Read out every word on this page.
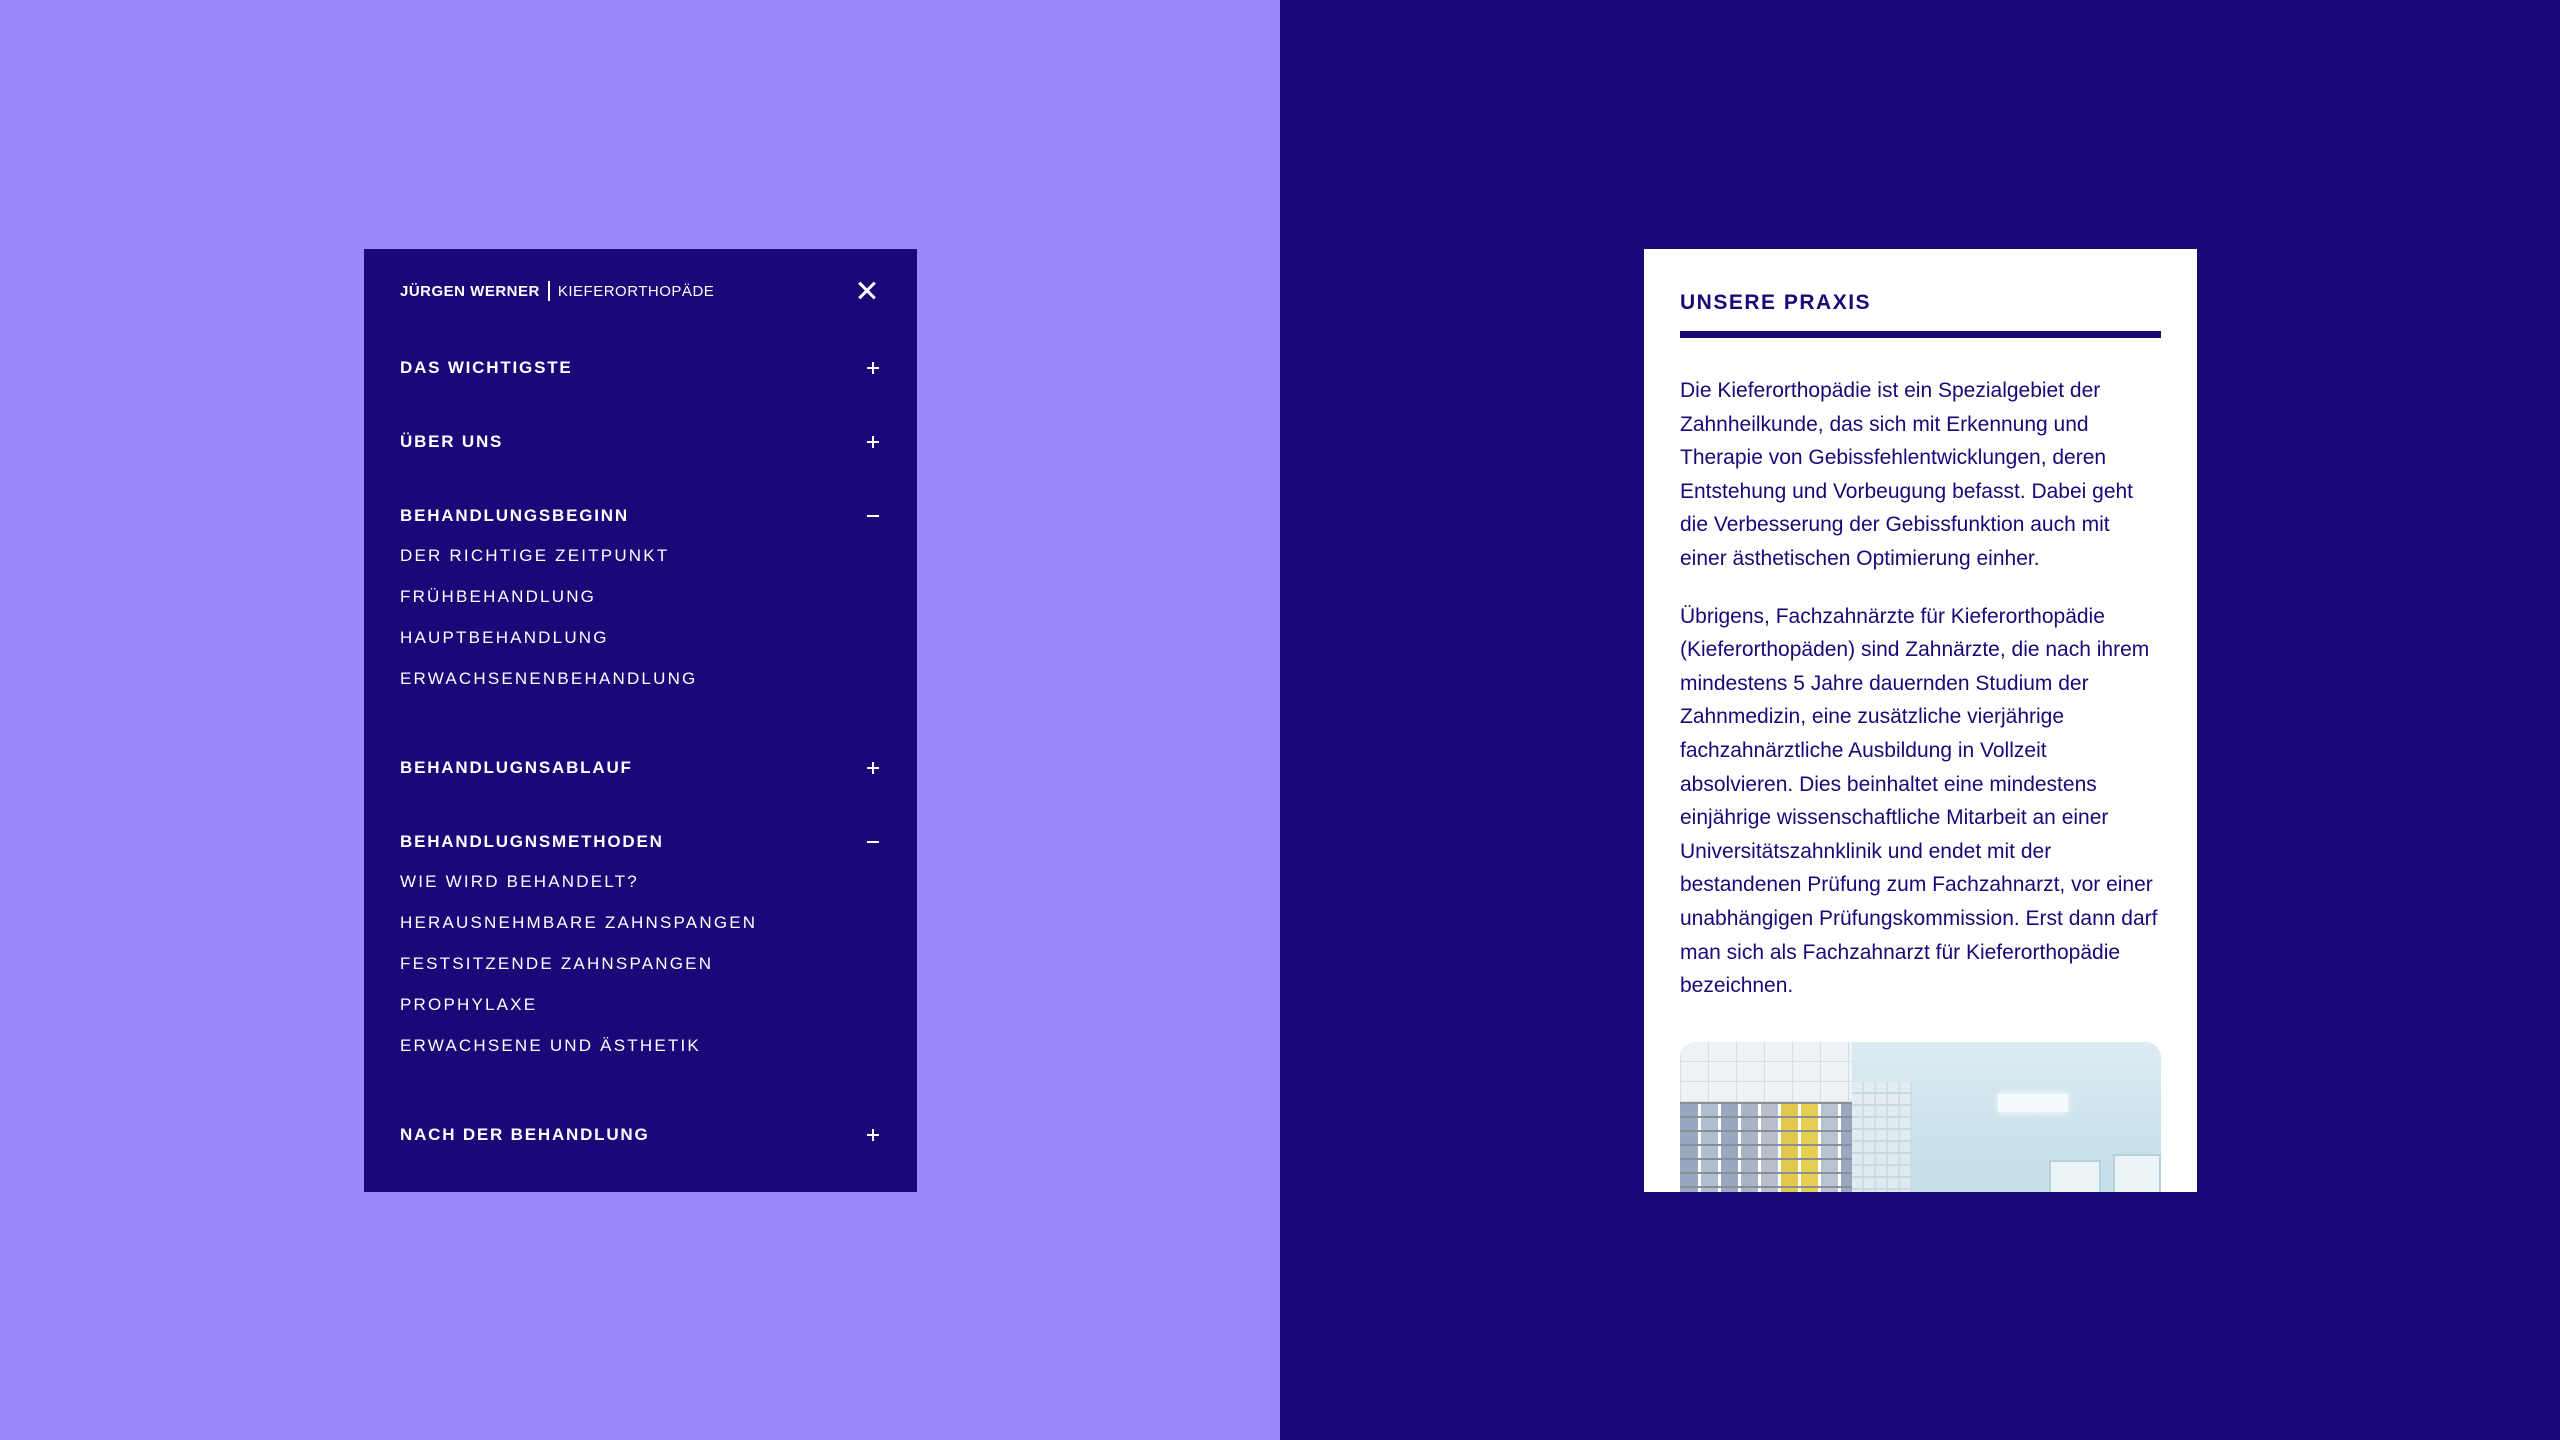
JÜRGEN WERNER KIEFERORTHOPÄDE
DAS WICHTIGSTE
ÜBER UNS
BEHANDLUNGSBEGINN
DER RICHTIGE ZEITPUNKT
FRÜHBEHANDLUNG
HAUPTBEHANDLUNG
ERWACHSENENBEHANDLUNG
BEHANDLUGNSABLAUF
BEHANDLUGNSMETHODEN
WIE WIRD BEHANDELT?
HERAUSNEHMBARE ZAHNSPANGEN
FESTSITZENDE ZAHNSPANGEN
PROPHYLAXE
ERWACHSENE UND ÄSTHETIK
NACH DER BEHANDLUNG
UNSERE PRAXIS

Die Kieferorthopädie ist ein Spezialgebiet der Zahnheilkunde, das sich mit Erkennung und Therapie von Gebissfehlentwicklungen, deren Entstehung und Vorbeugung befasst. Dabei geht die Verbesserung der Gebissfunktion auch mit einer ästhetischen Optimierung einher.

Übrigens, Fachzahnärzte für Kieferorthopädie (Kieferorthopäden) sind Zahnärzte, die nach ihrem mindestens 5 Jahre dauernden Studium der Zahnmedizin, eine zusätzliche vierjährige fachzahnärztliche Ausbildung in Vollzeit absolvieren. Dies beinhaltet eine mindestens einjährige wissenschaftliche Mitarbeit an einer Universitätszahnklinik und endet mit der bestandenen Prüfung zum Fachzahnarzt, vor einer unabhängigen Prüfungskommission. Erst dann darf man sich als Fachzahnarzt für Kieferorthopädie bezeichnen.
